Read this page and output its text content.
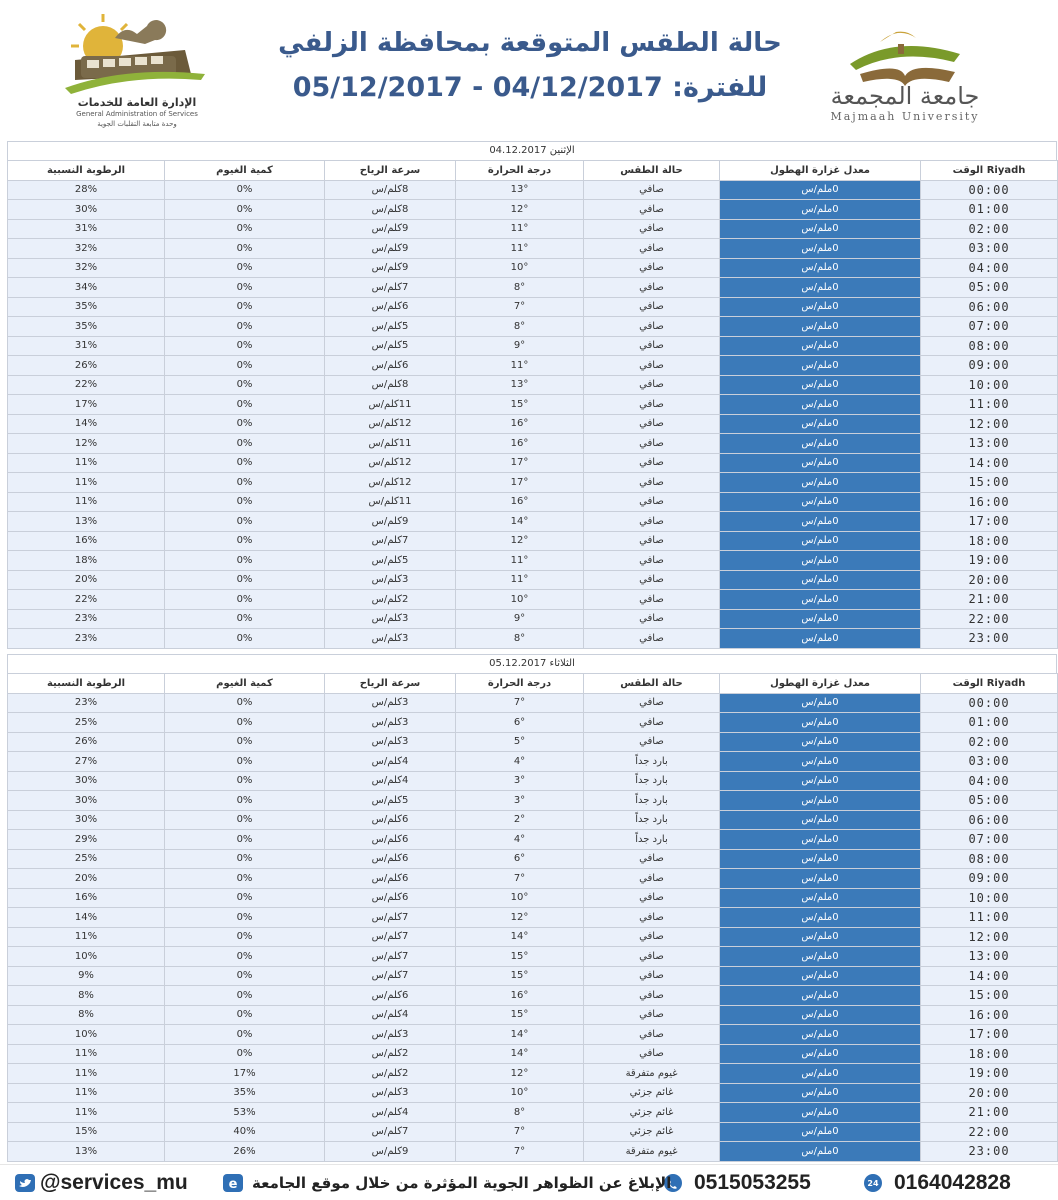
الإدارة العامة للخدمات
General Administration of Services
وحدة متابعة التقلبات الجوية
حالة الطقس المتوقعة بمحافظة الزلفي
للفترة: 04/12/2017 - 05/12/2017	جامعة المجمعة
Majmaah University
الإثنين 04.12.2017
Riyadh الوقت	معدل غزارة الهطول	حالة الطقس	درجة الحرارة	سرعة الرياح	كمية الغيوم	الرطوبة النسبية
00:00	0ملم/س	صافي	13°	8كلم/س	0%	28%
01:00	0ملم/س	صافي	12°	8كلم/س	0%	30%
02:00	0ملم/س	صافي	11°	9كلم/س	0%	31%
03:00	0ملم/س	صافي	11°	9كلم/س	0%	32%
04:00	0ملم/س	صافي	10°	9كلم/س	0%	32%
05:00	0ملم/س	صافي	8°	7كلم/س	0%	34%
06:00	0ملم/س	صافي	7°	6كلم/س	0%	35%
07:00	0ملم/س	صافي	8°	5كلم/س	0%	35%
08:00	0ملم/س	صافي	9°	5كلم/س	0%	31%
09:00	0ملم/س	صافي	11°	6كلم/س	0%	26%
10:00	0ملم/س	صافي	13°	8كلم/س	0%	22%
11:00	0ملم/س	صافي	15°	11كلم/س	0%	17%
12:00	0ملم/س	صافي	16°	12كلم/س	0%	14%
13:00	0ملم/س	صافي	16°	11كلم/س	0%	12%
14:00	0ملم/س	صافي	17°	12كلم/س	0%	11%
15:00	0ملم/س	صافي	17°	12كلم/س	0%	11%
16:00	0ملم/س	صافي	16°	11كلم/س	0%	11%
17:00	0ملم/س	صافي	14°	9كلم/س	0%	13%
18:00	0ملم/س	صافي	12°	7كلم/س	0%	16%
19:00	0ملم/س	صافي	11°	5كلم/س	0%	18%
20:00	0ملم/س	صافي	11°	3كلم/س	0%	20%
21:00	0ملم/س	صافي	10°	2كلم/س	0%	22%
22:00	0ملم/س	صافي	9°	3كلم/س	0%	23%
23:00	0ملم/س	صافي	8°	3كلم/س	0%	23%
الثلاثاء 05.12.2017
Riyadh الوقت	معدل غزارة الهطول	حالة الطقس	درجة الحرارة	سرعة الرياح	كمية الغيوم	الرطوبة النسبية
00:00	0ملم/س	صافي	7°	3كلم/س	0%	23%
01:00	0ملم/س	صافي	6°	3كلم/س	0%	25%
02:00	0ملم/س	صافي	5°	3كلم/س	0%	26%
03:00	0ملم/س	بارد جداً	4°	4كلم/س	0%	27%
04:00	0ملم/س	بارد جداً	3°	4كلم/س	0%	30%
05:00	0ملم/س	بارد جداً	3°	5كلم/س	0%	30%
06:00	0ملم/س	بارد جداً	2°	6كلم/س	0%	30%
07:00	0ملم/س	بارد جداً	4°	6كلم/س	0%	29%
08:00	0ملم/س	صافي	6°	6كلم/س	0%	25%
09:00	0ملم/س	صافي	7°	6كلم/س	0%	20%
10:00	0ملم/س	صافي	10°	6كلم/س	0%	16%
11:00	0ملم/س	صافي	12°	7كلم/س	0%	14%
12:00	0ملم/س	صافي	14°	7كلم/س	0%	11%
13:00	0ملم/س	صافي	15°	7كلم/س	0%	10%
14:00	0ملم/س	صافي	15°	7كلم/س	0%	9%
15:00	0ملم/س	صافي	16°	6كلم/س	0%	8%
16:00	0ملم/س	صافي	15°	4كلم/س	0%	8%
17:00	0ملم/س	صافي	14°	3كلم/س	0%	10%
18:00	0ملم/س	صافي	14°	2كلم/س	0%	11%
19:00	0ملم/س	غيوم متفرقة	12°	2كلم/س	17%	11%
20:00	0ملم/س	غائم جزئي	10°	3كلم/س	35%	11%
21:00	0ملم/س	غائم جزئي	8°	4كلم/س	53%	11%
22:00	0ملم/س	غائم جزئي	7°	7كلم/س	40%	15%
23:00	0ملم/س	غيوم متفرقة	7°	9كلم/س	26%	13%
24 0164042828
0515053255
الإبلاغ عن الظواهر الجوية المؤثرة من خلال موقع الجامعة
e
@services_mu
